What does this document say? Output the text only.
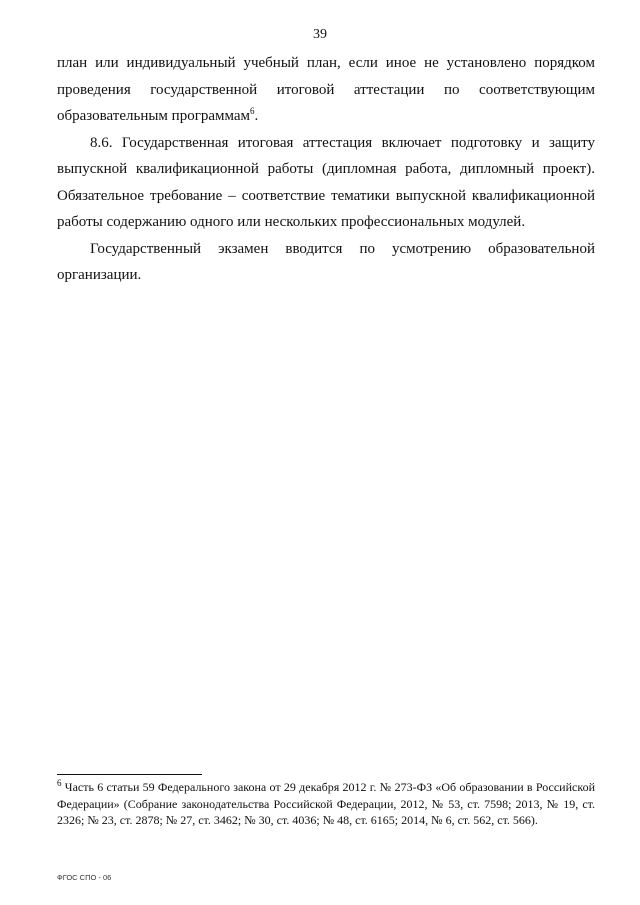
39

план или индивидуальный учебный план, если иное не установлено порядком проведения государственной итоговой аттестации по соответствующим образовательным программам$^6$.

8.6. Государственная итоговая аттестация включает подготовку и защиту выпускной квалификационной работы (дипломная работа, дипломный проект). Обязательное требование – соответствие тематики выпускной квалификационной работы содержанию одного или нескольких профессиональных модулей.

Государственный экзамен вводится по усмотрению образовательной организации.

$^6$ Часть 6 статьи 59 Федерального закона от 29 декабря 2012 г. № 273-ФЗ «Об образовании в Российской Федерации» (Собрание законодательства Российской Федерации, 2012, № 53, ст. 7598; 2013, № 19, ст. 2326; № 23, ст. 2878; № 27, ст. 3462; № 30, ст. 4036; № 48, ст. 6165; 2014, № 6, ст. 562, ст. 566).

ФГОС СПО - 06
